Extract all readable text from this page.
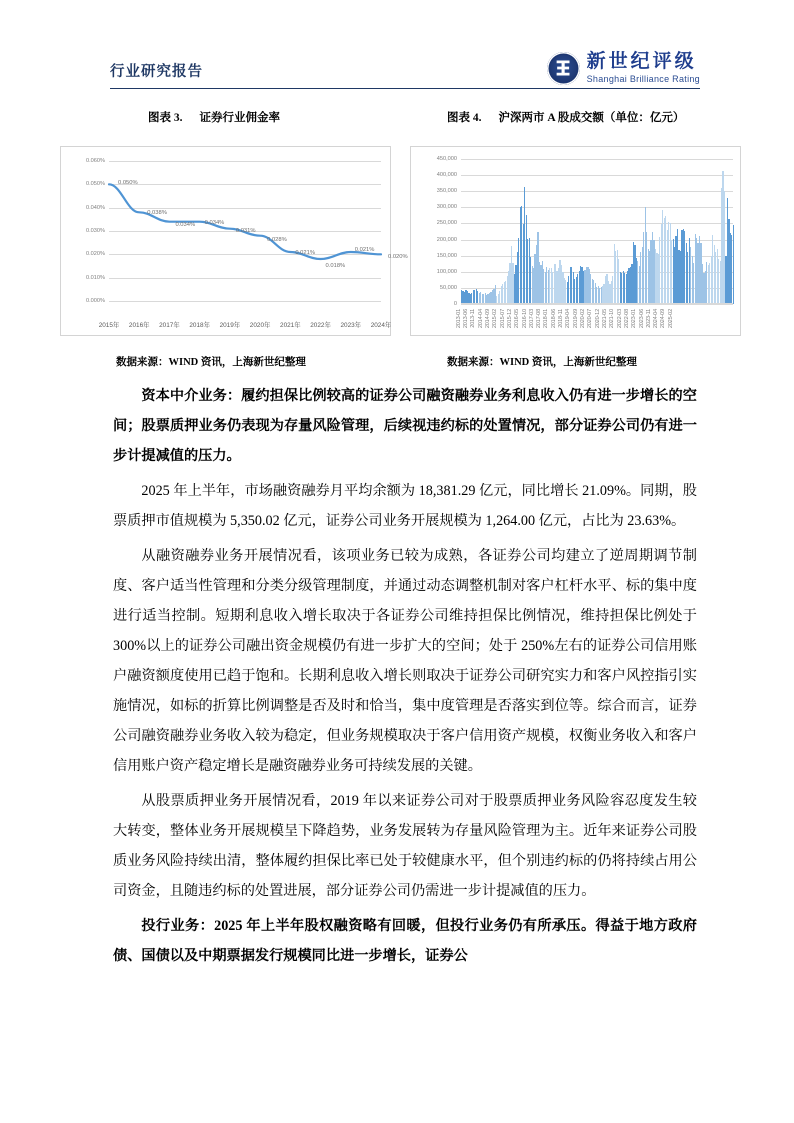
行业研究报告	新世纪评级
Shanghai Brilliance Rating
图表 3. 证券行业佣金率	图表 4. 沪深两市 A 股成交额（单位：亿元）
0.060%
0.050%
0.040%
0.030%
0.020%
0.010%
0.000%
0.050%
0.038%
0.034% 0.034%
0.031%
0.028%
0.021%
0.018%
0.021%
0.020%
2015年 2016年 2017年 2018年 2019年 2020年 2021年 2022年 2023年 2024年
450,000
400,000
350,000
300,000
250,000
200,000
150,000
100,000
50,000
0
2013-01 2013-06 2013-11 2014-04 2014-09 2015-02 2015-07 2015-12 2016-05 2016-10 2017-03 2017-08 2018-01 2018-06 2018-11 2019-04 2019-09 2020-02 2020-07 2020-12 2021-05 2021-10 2022-03 2022-08 2023-01 2023-06 2023-11 2024-04 2024-09 2025-02
数据来源：WIND 资讯，上海新世纪整理	数据来源：WIND 资讯，上海新世纪整理

资本中介业务：履约担保比例较高的证券公司融资融券业务利息收入仍有进一步增长的空间；股票质押业务仍表现为存量风险管理，后续视违约标的处置情况，部分证券公司仍有进一步计提减值的压力。

2025 年上半年，市场融资融券月平均余额为 18,381.29 亿元，同比增长 21.09%。同期，股票质押市值规模为 5,350.02 亿元，证券公司业务开展规模为 1,264.00 亿元，占比为 23.63%。

从融资融券业务开展情况看，该项业务已较为成熟，各证券公司均建立了逆周期调节制度、客户适当性管理和分类分级管理制度，并通过动态调整机制对客户杠杆水平、标的集中度进行适当控制。短期利息收入增长取决于各证券公司维持担保比例情况，维持担保比例处于 300%以上的证券公司融出资金规模仍有进一步扩大的空间；处于 250%左右的证券公司信用账户融资额度使用已趋于饱和。长期利息收入增长则取决于证券公司研究实力和客户风控指引实施情况，如标的折算比例调整是否及时和恰当，集中度管理是否落实到位等。综合而言，证券公司融资融券业务收入较为稳定，但业务规模取决于客户信用资产规模，权衡业务收入和客户信用账户资产稳定增长是融资融券业务可持续发展的关键。

从股票质押业务开展情况看，2019 年以来证券公司对于股票质押业务风险容忍度发生较大转变，整体业务开展规模呈下降趋势，业务发展转为存量风险管理为主。近年来证券公司股质业务风险持续出清，整体履约担保比率已处于较健康水平，但个别违约标的仍将持续占用公司资金，且随违约标的处置进展，部分证券公司仍需进一步计提减值的压力。

投行业务：2025 年上半年股权融资略有回暖，但投行业务仍有所承压。得益于地方政府债、国债以及中期票据发行规模同比进一步增长，证券公
